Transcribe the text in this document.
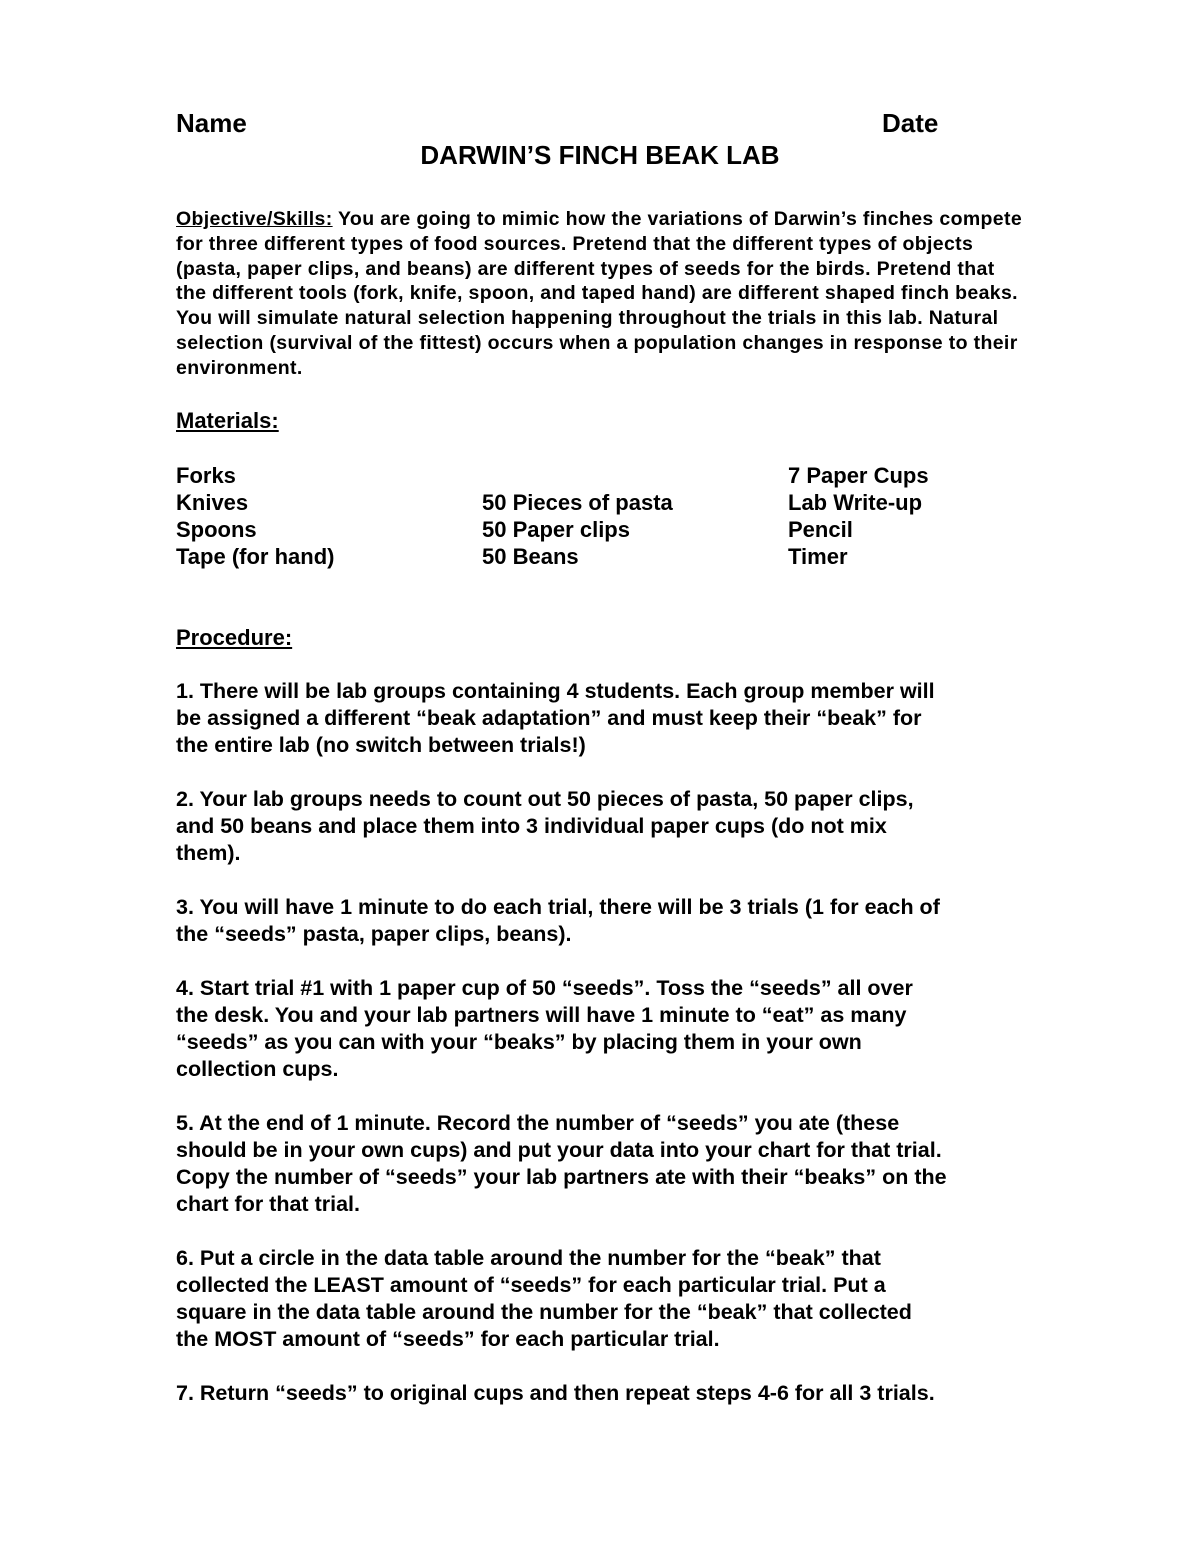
Name	Date
DARWIN’S FINCH BEAK LAB
Objective/Skills: You are going to mimic how the variations of Darwin’s finches compete for three different types of food sources. Pretend that the different types of objects (pasta, paper clips, and beans) are different types of seeds for the birds. Pretend that the different tools (fork, knife, spoon, and taped hand) are different shaped finch beaks. You will simulate natural selection happening throughout the trials in this lab. Natural selection (survival of the fittest) occurs when a population changes in response to their environment.
Materials:
Forks
Knives
Spoons
Tape (for hand)
50 Pieces of pasta
50 Paper clips
50 Beans
7 Paper Cups
Lab Write-up
Pencil
Timer
Procedure:

1. There will be lab groups containing 4 students. Each group member will
be assigned a different “beak adaptation” and must keep their “beak” for
the entire lab (no switch between trials!)

2. Your lab groups needs to count out 50 pieces of pasta, 50 paper clips,
and 50 beans and place them into 3 individual paper cups (do not mix
them).

3. You will have 1 minute to do each trial, there will be 3 trials (1 for each of
the “seeds” pasta, paper clips, beans).

4. Start trial #1 with 1 paper cup of 50 “seeds”. Toss the “seeds” all over
the desk. You and your lab partners will have 1 minute to “eat” as many
“seeds” as you can with your “beaks” by placing them in your own
collection cups.

5. At the end of 1 minute. Record the number of “seeds” you ate (these
should be in your own cups) and put your data into your chart for that trial.
Copy the number of “seeds” your lab partners ate with their “beaks” on the
chart for that trial.

6. Put a circle in the data table around the number for the “beak” that
collected the LEAST amount of “seeds” for each particular trial. Put a
square in the data table around the number for the “beak” that collected
the MOST amount of “seeds” for each particular trial.

7. Return “seeds” to original cups and then repeat steps 4-6 for all 3 trials.
